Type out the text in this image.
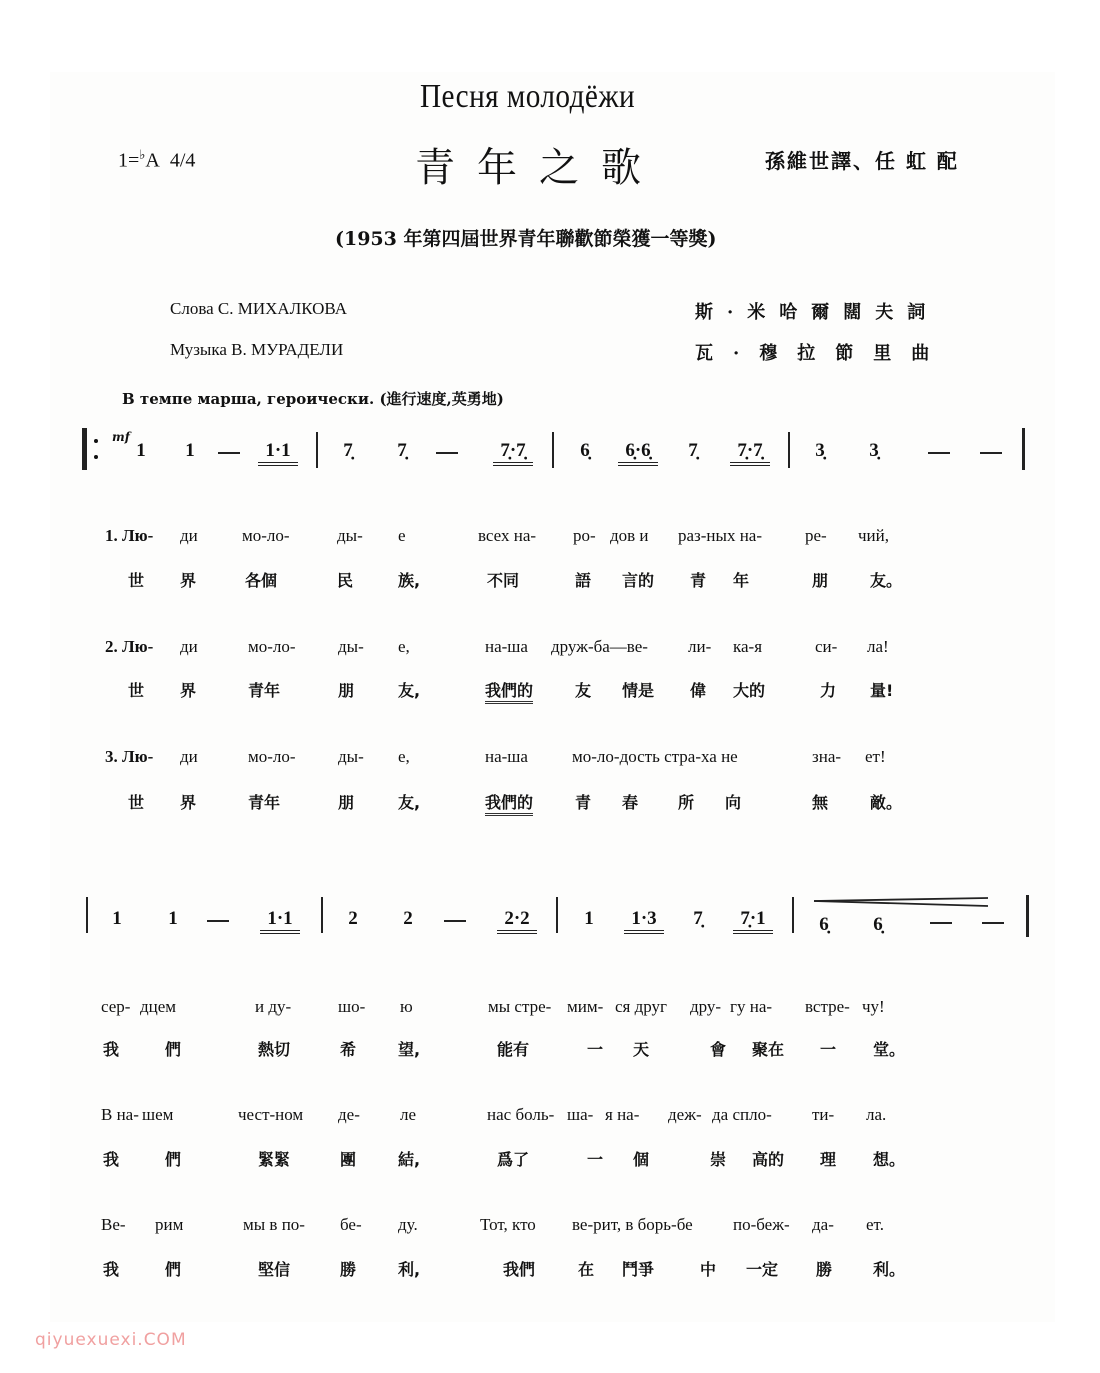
Песня молодёжи
1=♭A 4/4	青年之歌	孫維世譯、任 虹 配
(1953 年第四屆世界青年聯歡節榮獲一等獎)
Слова С. МИХАЛКОВА
Музыка В. МУРАДЕЛИ
斯·米哈爾闊夫詞
瓦·穆拉節里曲
В темпе марша, героически. (進行速度,英勇地)
mf
1	1	1·1	7̣	7̣	7̣·7̣	6̣	6̣·6̣	7̣	7̣·7̣	3̣	3̣
1. Лю- ди	мо-ло-	ды- е	всех на- ро- дов и раз-ных на-	ре- чий,
世 界	各個	民	族,	不同	語 言的 青 年	朋	友。
2. Лю- ди	мо-ло- ды- е,	на-ша друж-ба—ве- ли- ка-я	си- ла!
世 界	青年	朋	友,	我們的	友 情是 偉 大的	力 量!
3. Лю- ди	мо-ло- ды- е,	на-ша	мо-ло-дость стра-ха не	зна- ет!
世 界	青年	朋	友,	我們的	青 春 所 向	無	敵。
1	1	1·1	2	2	2·2	1	1·3	7̣	7̣·1	6̣	6̣
сер- дцем	и ду-	шо- ю	мы стре- мим- ся друг дру- гу на- встре- чу!
我	們	熱切	希	望,	能有	一 天	會 聚在 一 堂。
В на- шем	чест-ном де- ле	нас боль- ша- я на- деж- да спло- ти- ла.
我	們	緊緊	團	結,	爲了	一 個	崇 高的 理 想。
Ве- рим	мы в по- бе- ду.	Тот, кто ве-рит, в борь-бе по-беж- да- ет.
我	們	堅信	勝	利,	我們	在 鬥爭	中 一定 勝	利。
qiyuexuexi.COM
